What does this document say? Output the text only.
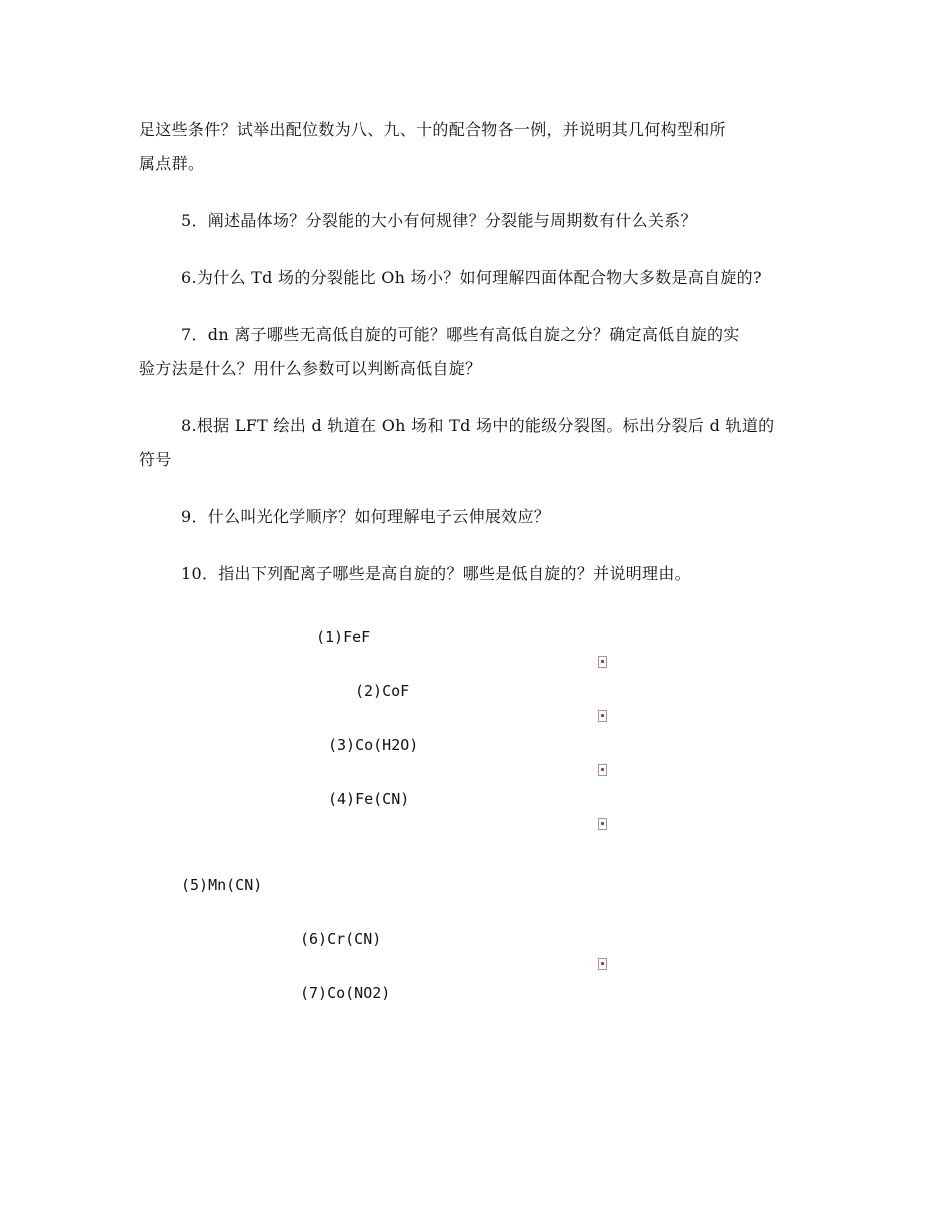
足这些条件？试举出配位数为八、九、十的配合物各一例，并说明其几何构型和所
属点群。
5．阐述晶体场？分裂能的大小有何规律？分裂能与周期数有什么关系？
6.为什么 Td 场的分裂能比 Oh 场小？如何理解四面体配合物大多数是高自旋的?
7．dn 离子哪些无高低自旋的可能？哪些有高低自旋之分？确定高低自旋的实
验方法是什么？用什么参数可以判断高低自旋？
8.根据 LFT 绘出 d 轨道在 Oh 场和 Td 场中的能级分裂图。标出分裂后 d 轨道的
符号
9．什么叫光化学顺序？如何理解电子云伸展效应？
10．指出下列配离子哪些是高自旋的？哪些是低自旋的？并说明理由。
(1)FeF
(2)CoF
(3)Co(H2O)
(4)Fe(CN)
(5)Mn(CN)
(6)Cr(CN)
(7)Co(NO2)
